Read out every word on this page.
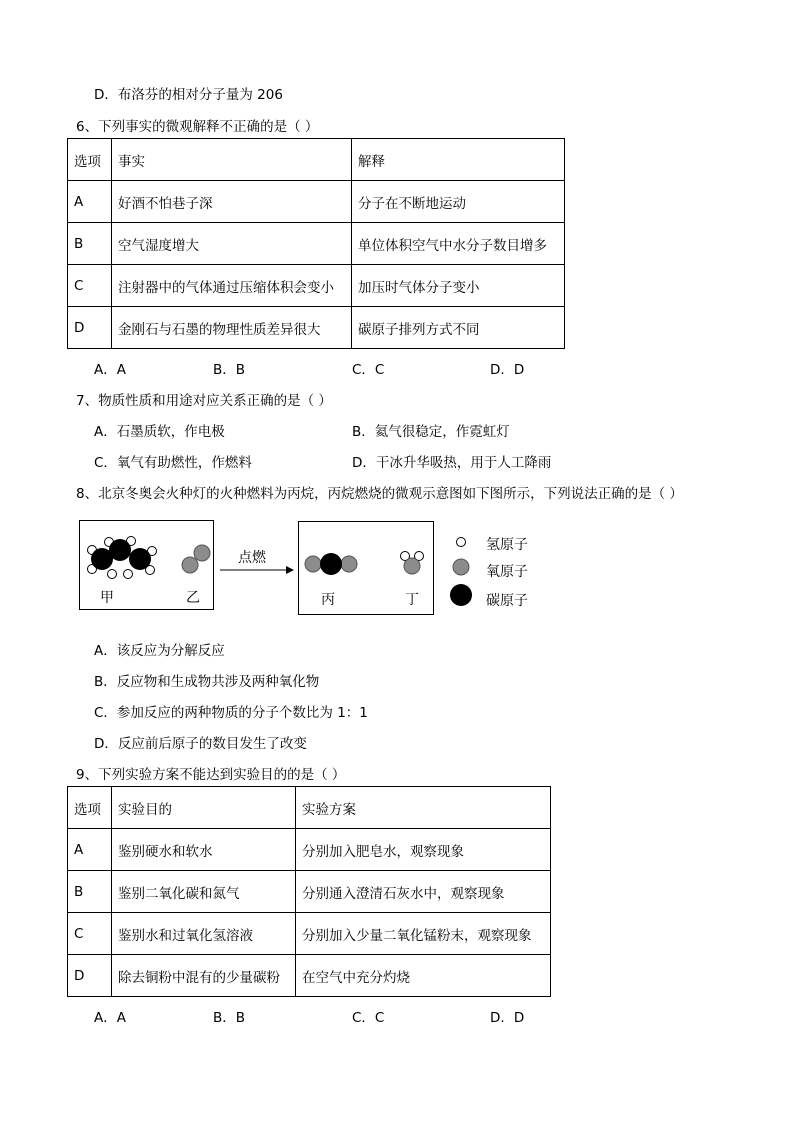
D．布洛芬的相对分子量为 206
6、下列事实的微观解释不正确的是（ ）
选项	事实	解释
A	好酒不怕巷子深	分子在不断地运动
B	空气湿度增大	单位体积空气中水分子数目增多
C	注射器中的气体通过压缩体积会变小	加压时气体分子变小
D	金刚石与石墨的物理性质差异很大	碳原子排列方式不同
A．A	B．B	C．C	D．D
7、物质性质和用途对应关系正确的是（ ）
A．石墨质软，作电极	B．氦气很稳定，作霓虹灯
C．氧气有助燃性，作燃料	D．干冰升华吸热，用于人工降雨
8、北京冬奥会火种灯的火种燃料为丙烷，丙烷燃烧的微观示意图如下图所示，下列说法正确的是（ ）
甲	乙
点燃
丙	丁
氢原子
氧原子
碳原子
A．该反应为分解反应
B．反应物和生成物共涉及两种氧化物
C．参加反应的两种物质的分子个数比为 1：1
D．反应前后原子的数目发生了改变
9、下列实验方案不能达到实验目的的是（ ）
选项	实验目的	实验方案
A	鉴别硬水和软水	分别加入肥皂水，观察现象
B	鉴别二氧化碳和氮气	分别通入澄清石灰水中，观察现象
C	鉴别水和过氧化氢溶液	分别加入少量二氧化锰粉末，观察现象
D	除去铜粉中混有的少量碳粉	在空气中充分灼烧
A．A	B．B	C．C	D．D
